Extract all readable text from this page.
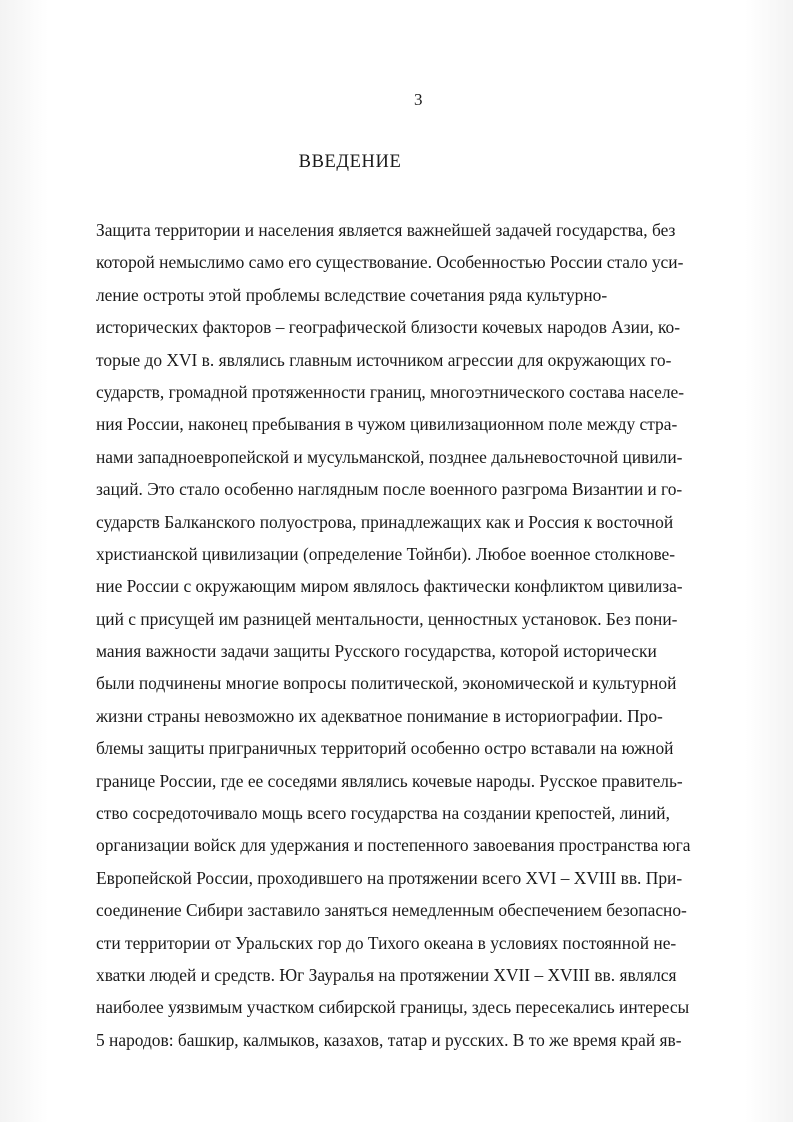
3
ВВЕДЕНИЕ
Защита территории и населения является важнейшей задачей государства, без
которой немыслимо само его существование. Особенностью России стало уси-
ление остроты этой проблемы вследствие сочетания ряда культурно-
исторических факторов – географической близости кочевых народов Азии, ко-
торые до XVI в. являлись главным источником агрессии для окружающих го-
сударств, громадной протяженности границ, многоэтнического состава населе-
ния России, наконец пребывания в чужом цивилизационном поле между стра-
нами западноевропейской и мусульманской, позднее дальневосточной цивили-
заций. Это стало особенно наглядным после военного разгрома Византии и го-
сударств Балканского полуострова, принадлежащих как и Россия к восточной
христианской цивилизации (определение Тойнби). Любое военное столкнове-
ние России с окружающим миром являлось фактически конфликтом цивилиза-
ций с присущей им разницей ментальности, ценностных установок. Без пони-
мания важности задачи защиты Русского государства, которой исторически
были подчинены многие вопросы политической, экономической и культурной
жизни страны невозможно их адекватное понимание в историографии. Про-
блемы защиты приграничных территорий особенно остро вставали на южной
границе России, где ее соседями являлись кочевые народы. Русское правитель-
ство сосредоточивало мощь всего государства на создании крепостей, линий,
организации войск для удержания и постепенного завоевания пространства юга
Европейской России, проходившего на протяжении всего XVI – XVIII вв. При-
соединение Сибири заставило заняться немедленным обеспечением безопасно-
сти территории от Уральских гор до Тихого океана в условиях постоянной не-
хватки людей и средств. Юг Зауралья на протяжении XVII – XVIII вв. являлся
наиболее уязвимым участком сибирской границы, здесь пересекались интересы
5 народов: башкир, калмыков, казахов, татар и русских. В то же время край яв-
